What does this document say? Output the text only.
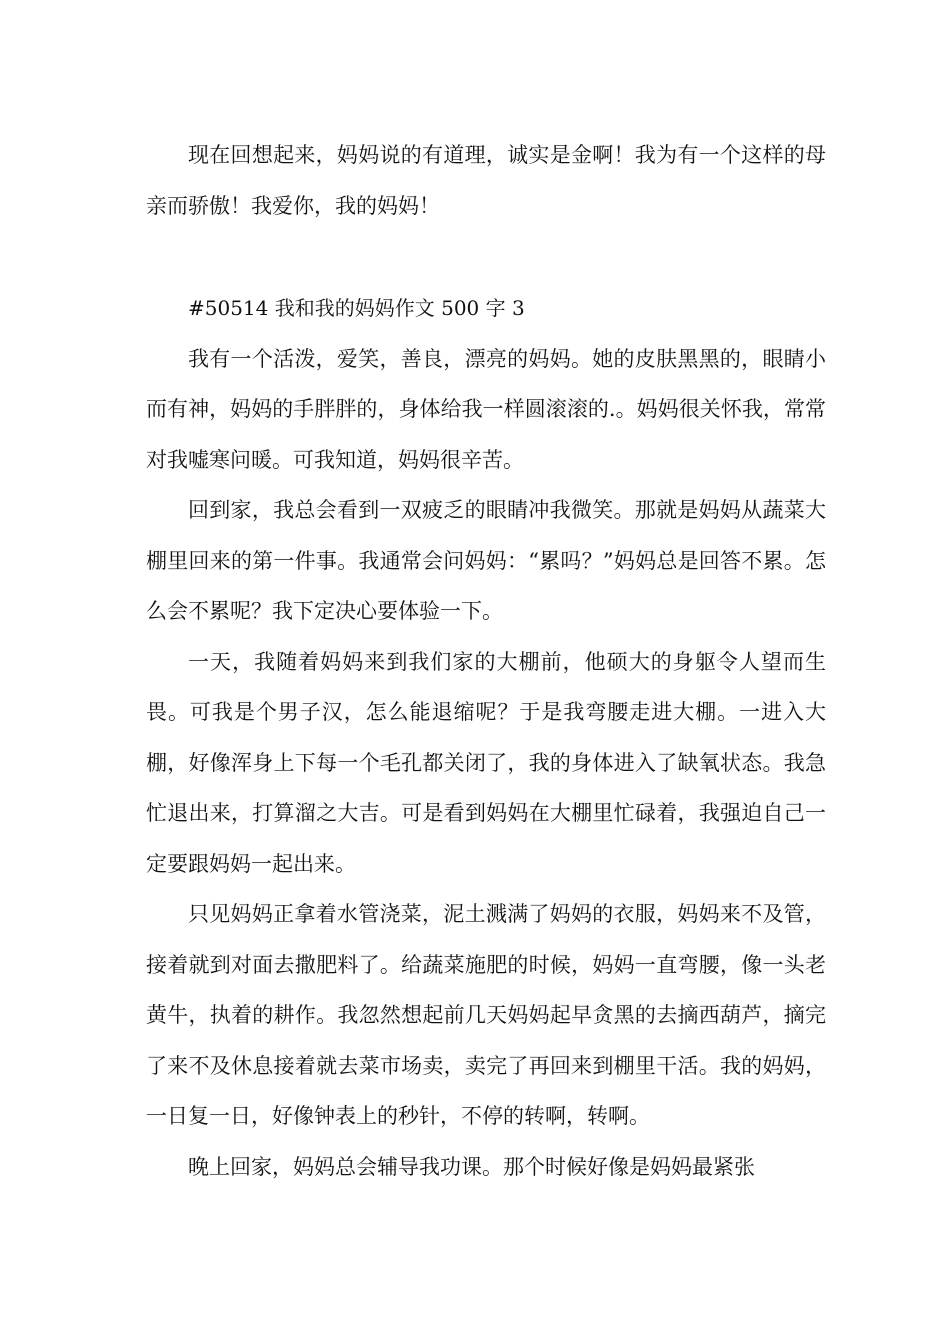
现在回想起来，妈妈说的有道理，诚实是金啊！我为有一个这样的母亲而骄傲！我爱你，我的妈妈！

#50514 我和我的妈妈作文 500 字 3

我有一个活泼，爱笑，善良，漂亮的妈妈。她的皮肤黑黑的，眼睛小而有神，妈妈的手胖胖的，身体给我一样圆滚滚的.。妈妈很关怀我，常常对我嘘寒问暖。可我知道，妈妈很辛苦。

回到家，我总会看到一双疲乏的眼睛冲我微笑。那就是妈妈从蔬菜大棚里回来的第一件事。我通常会问妈妈：“累吗？”妈妈总是回答不累。怎么会不累呢？我下定决心要体验一下。

一天，我随着妈妈来到我们家的大棚前，他硕大的身躯令人望而生畏。可我是个男子汉，怎么能退缩呢？于是我弯腰走进大棚。一进入大棚，好像浑身上下每一个毛孔都关闭了，我的身体进入了缺氧状态。我急忙退出来，打算溜之大吉。可是看到妈妈在大棚里忙碌着，我强迫自己一定要跟妈妈一起出来。

只见妈妈正拿着水管浇菜，泥土溅满了妈妈的衣服，妈妈来不及管，接着就到对面去撒肥料了。给蔬菜施肥的时候，妈妈一直弯腰，像一头老黄牛，执着的耕作。我忽然想起前几天妈妈起早贪黑的去摘西葫芦，摘完了来不及休息接着就去菜市场卖，卖完了再回来到棚里干活。我的妈妈，一日复一日，好像钟表上的秒针，不停的转啊，转啊。

晚上回家，妈妈总会辅导我功课。那个时候好像是妈妈最紧张
